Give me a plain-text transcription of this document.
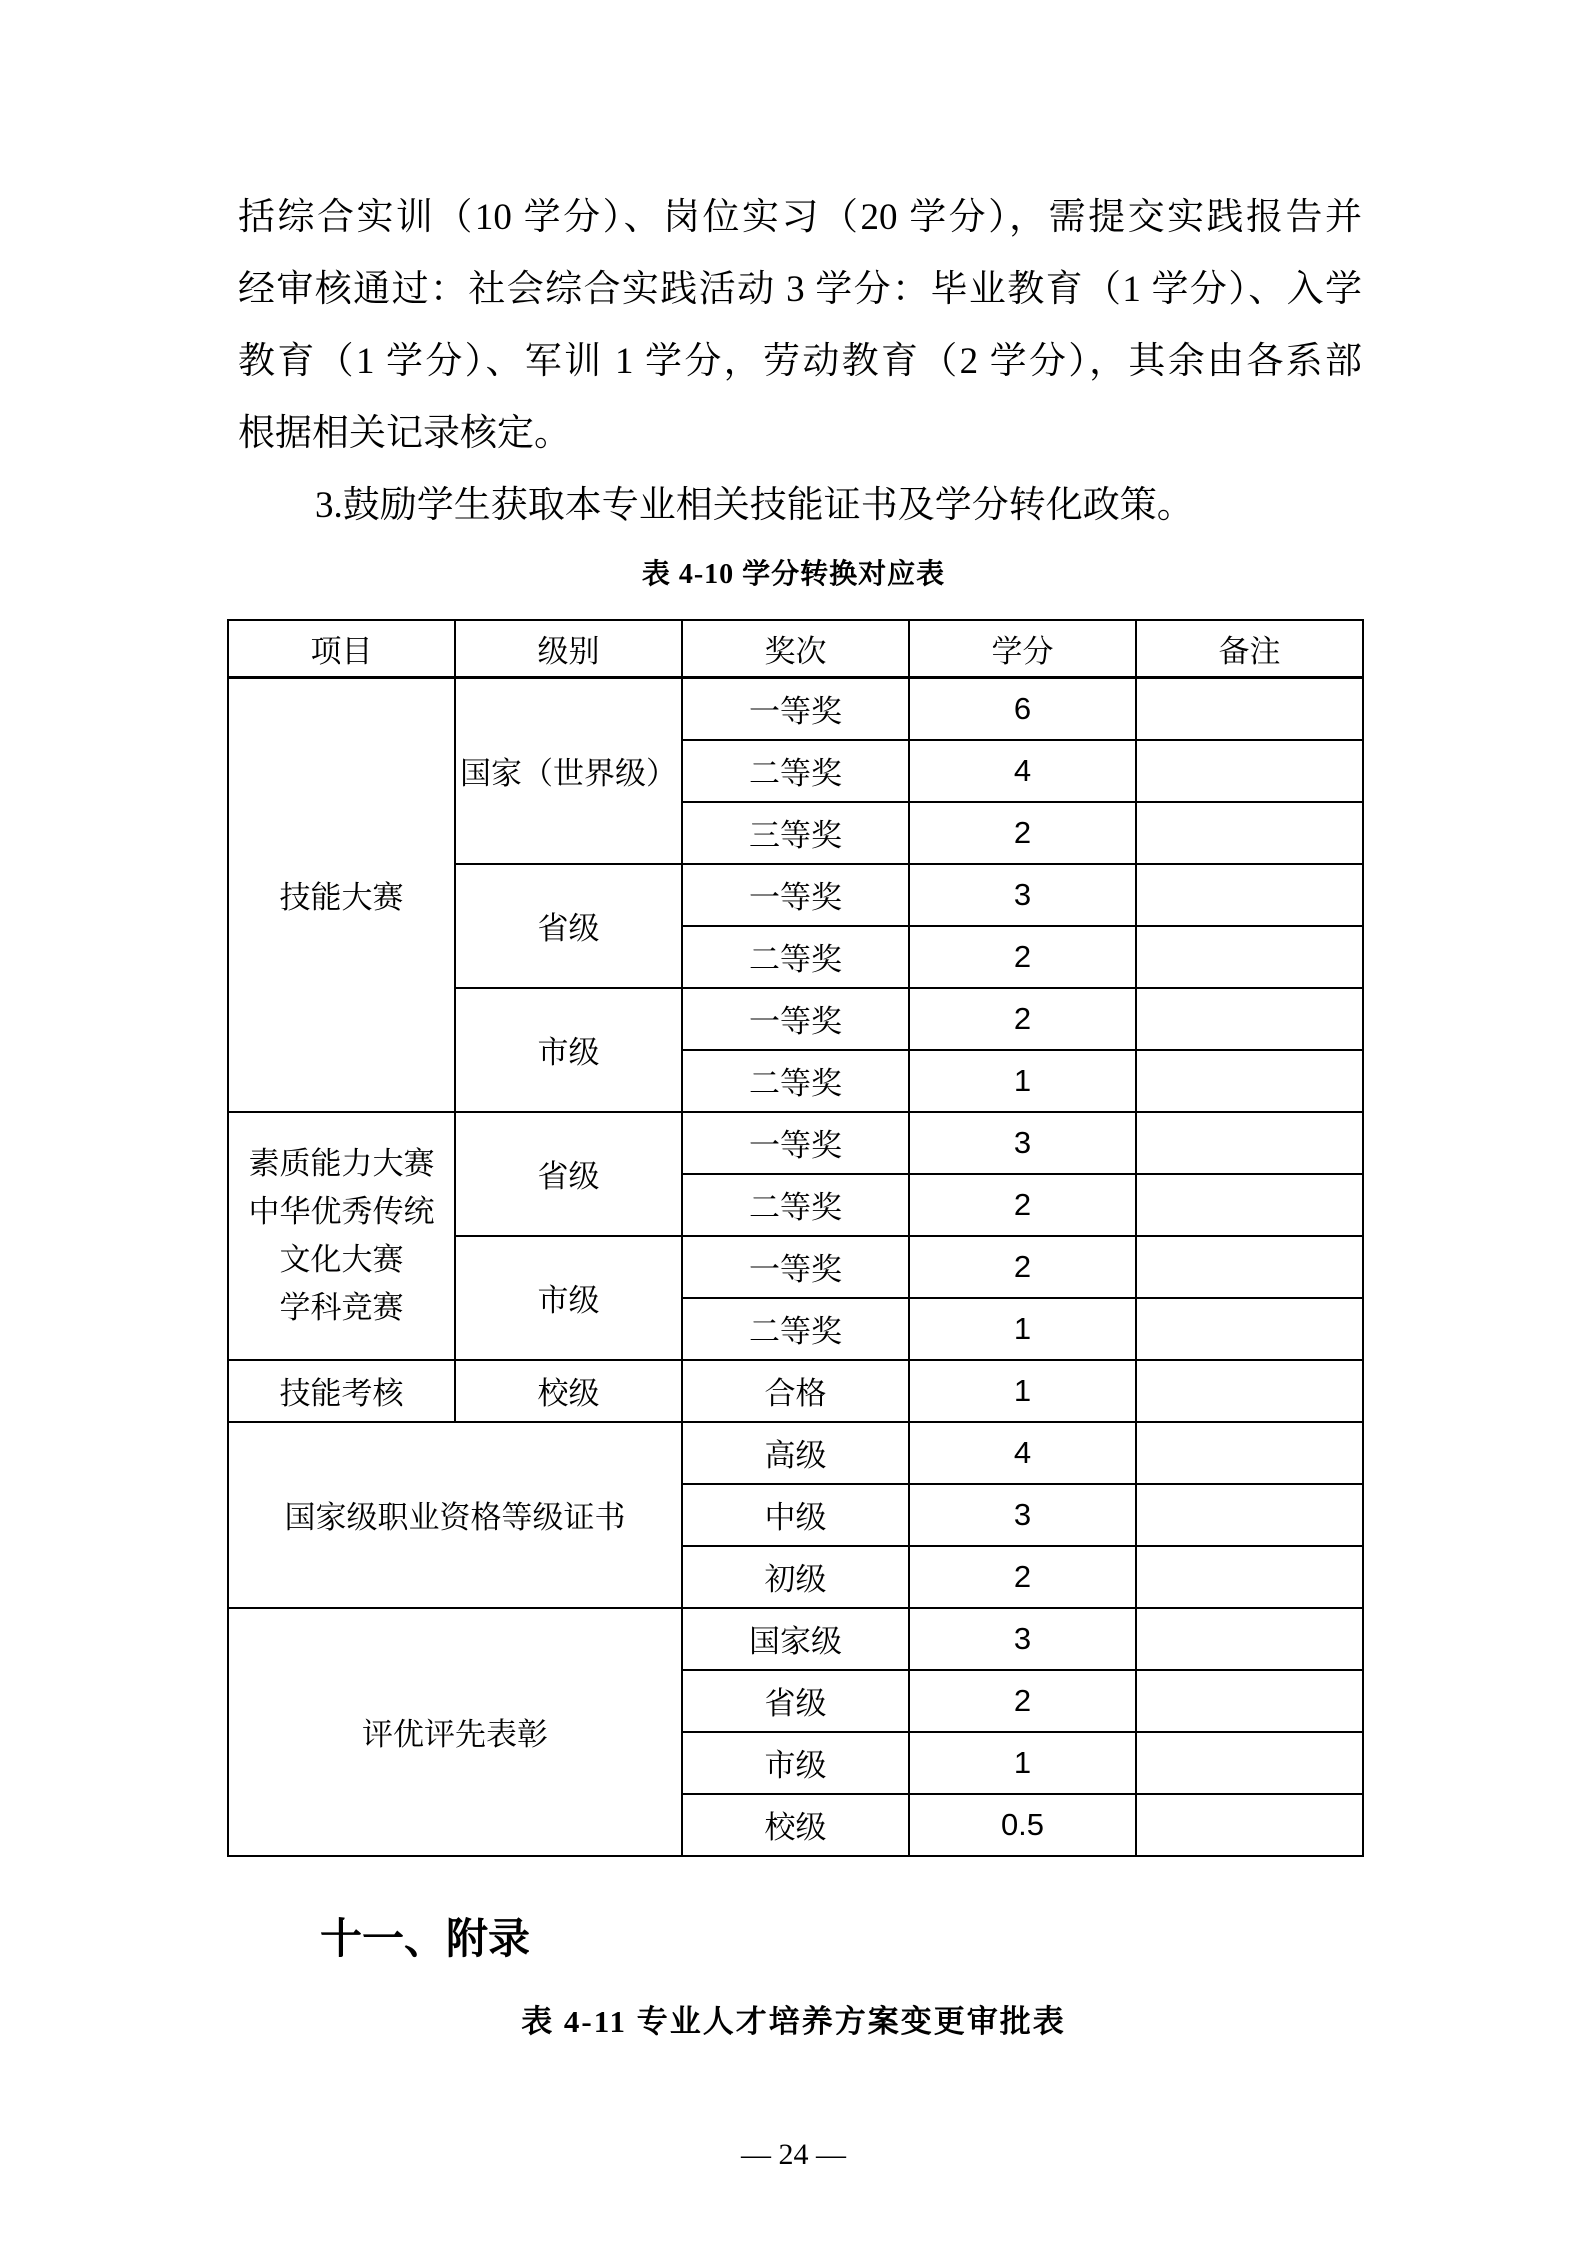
括综合实训（10 学分）、岗位实习（20 学分），需提交实践报告并
经审核通过：社会综合实践活动 3 学分：毕业教育（1 学分）、入学
教育（1 学分）、军训 1 学分，劳动教育（2 学分），其余由各系部
根据相关记录核定。
3.鼓励学生获取本专业相关技能证书及学分转化政策。
表 4-10 学分转换对应表
项目	级别	奖次	学分	备注
技能大赛	国家（世界级）	一等奖	6	
		二等奖	4	
		三等奖	2	
	省级	一等奖	3	
		二等奖	2	
	市级	一等奖	2	
		二等奖	1	

素质能力大赛
中华优秀传统
文化大赛
学科竞赛	省级	一等奖	3	
		二等奖	2	
	市级	一等奖	2	
		二等奖	1	
技能考核	校级	合格	1	
国家级职业资格等级证书		高级	4	
		中级	3	
		初级	2	
评优评先表彰		国家级	3	
		省级	2	
		市级	1	
		校级	0.5	
十一、附录
表 4-11 专业人才培养方案变更审批表
— 24 —
